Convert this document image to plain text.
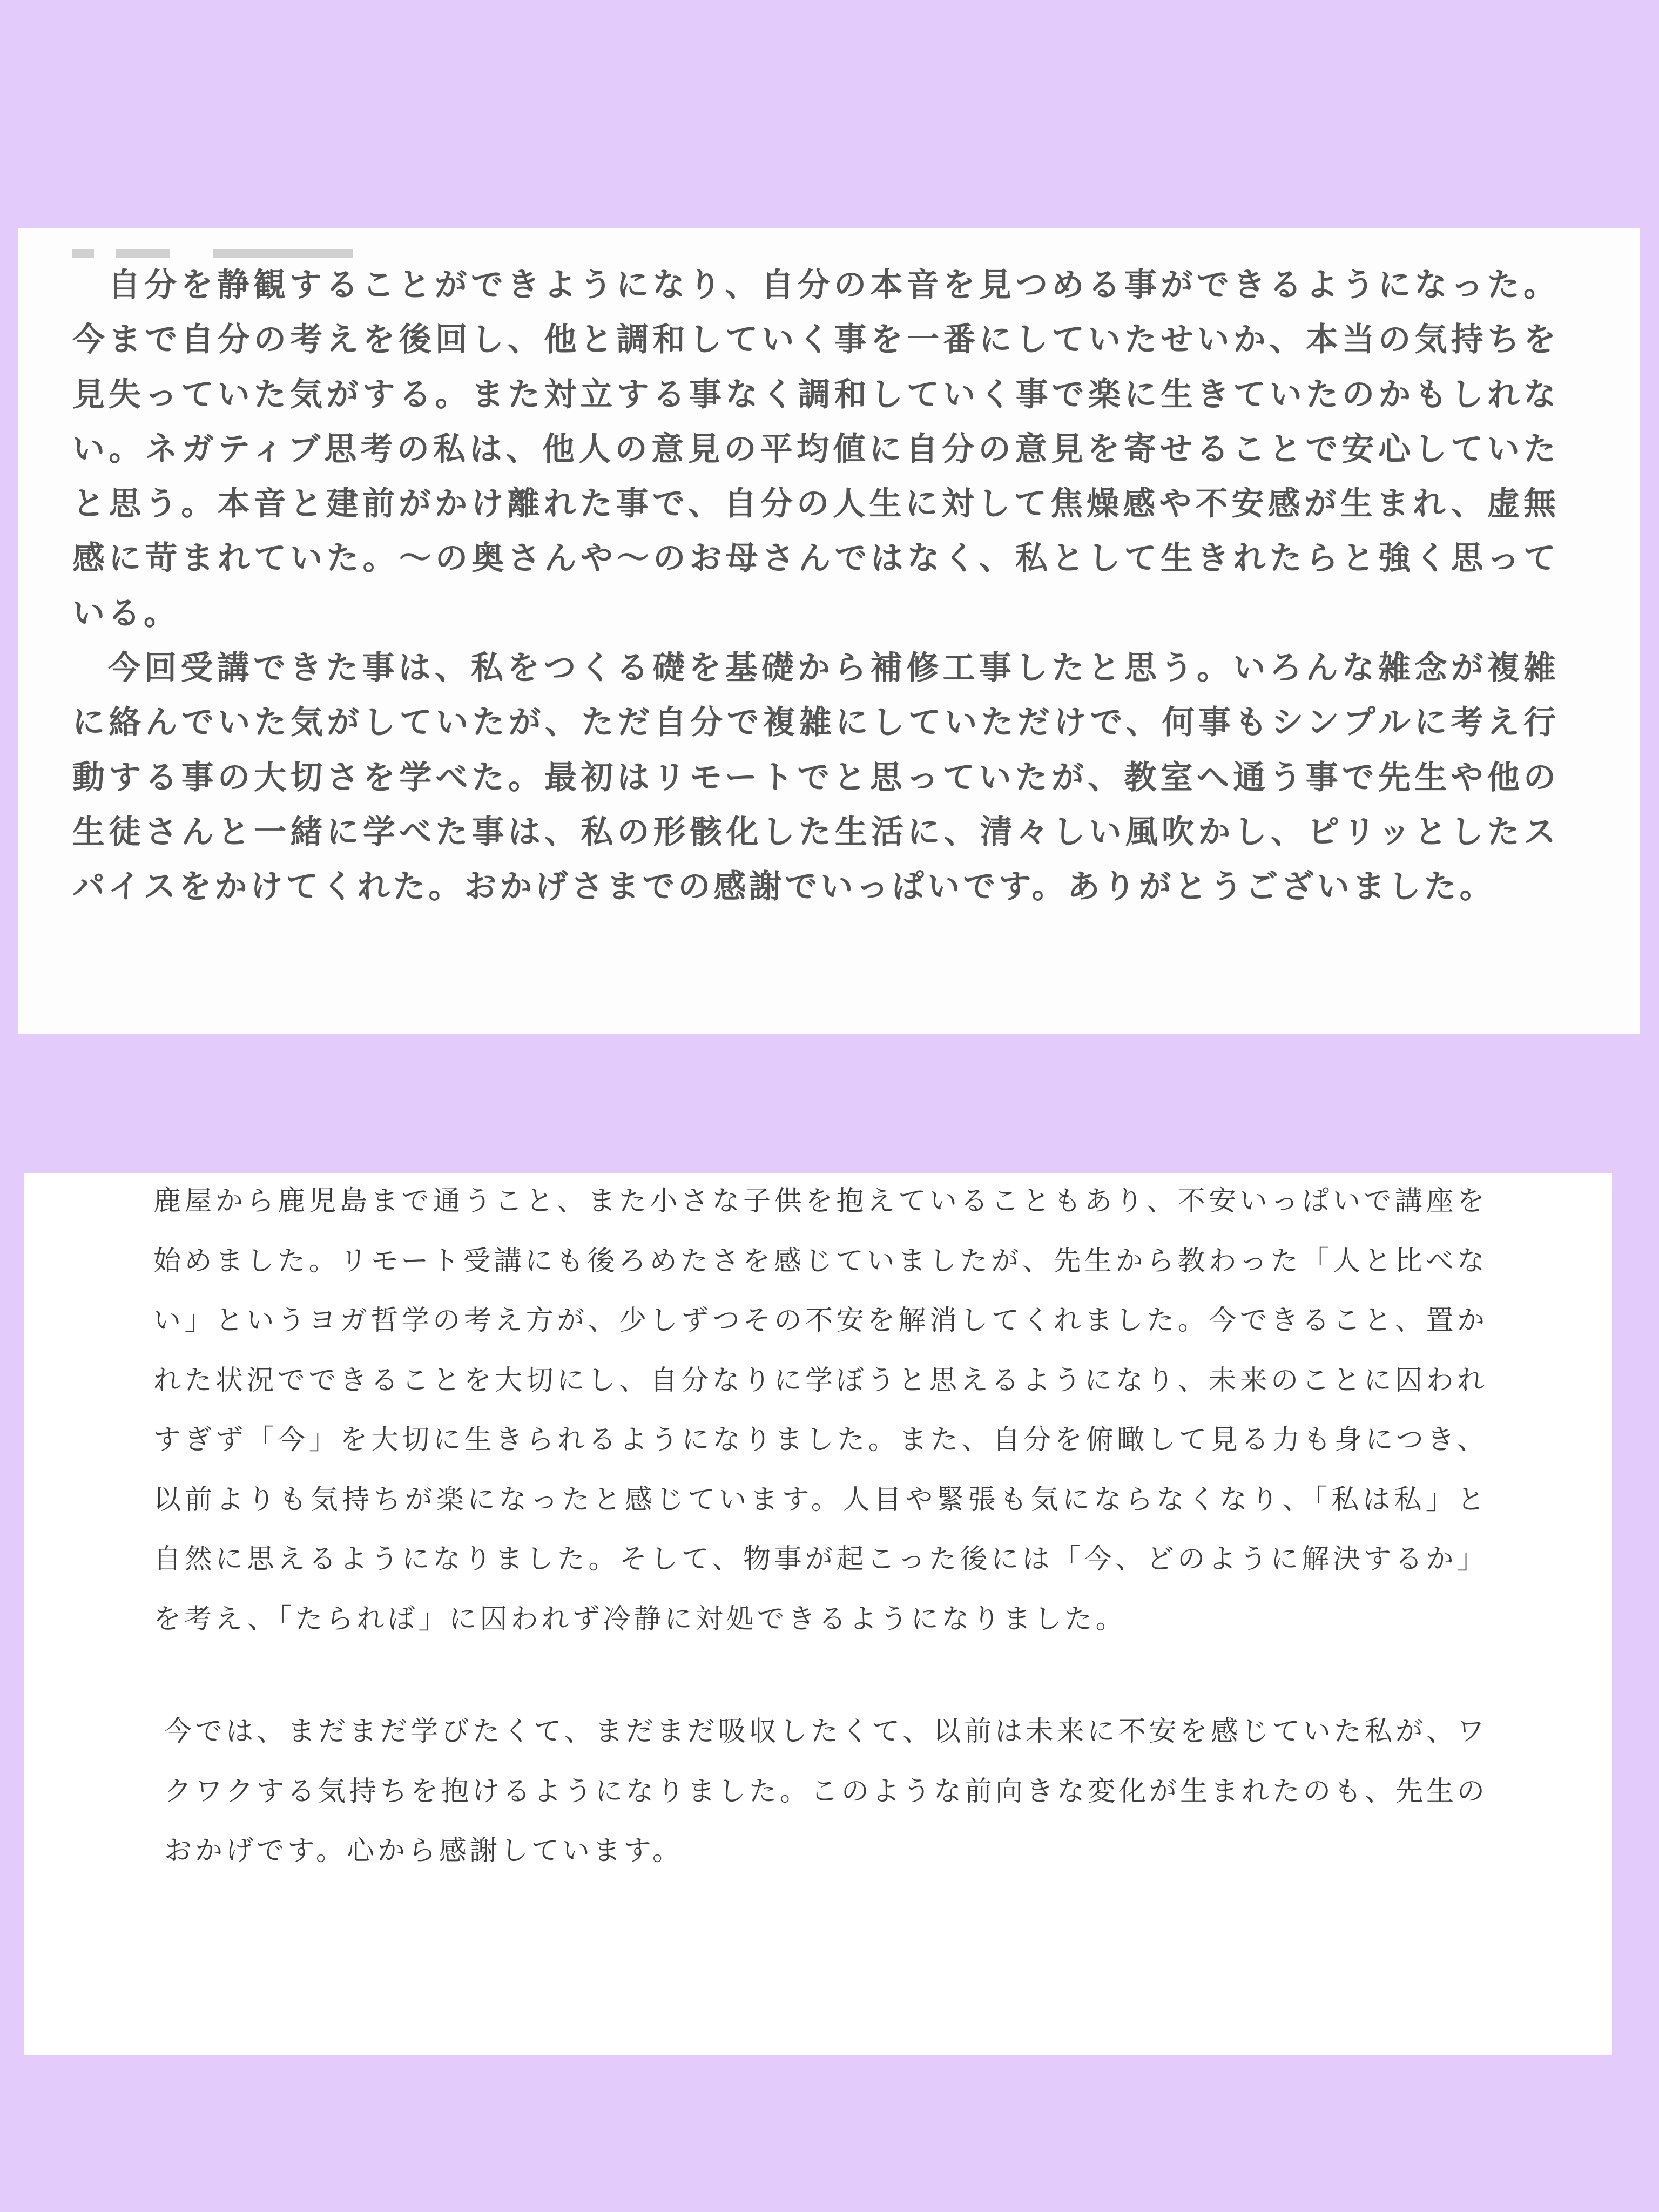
自分を静観することができようになり、自分の本音を見つめる事ができるようになった。今まで自分の考えを後回し、他と調和していく事を一番にしていたせいか、本当の気持ちを見失っていた気がする。また対立する事なく調和していく事で楽に生きていたのかもしれない。ネガティブ思考の私は、他人の意見の平均値に自分の意見を寄せることで安心していたと思う。本音と建前がかけ離れた事で、自分の人生に対して焦燥感や不安感が生まれ、虚無感に苛まれていた。～の奥さんや～のお母さんではなく、私として生きれたらと強く思っている。

今回受講できた事は、私をつくる礎を基礎から補修工事したと思う。いろんな雑念が複雑に絡んでいた気がしていたが、ただ自分で複雑にしていただけで、何事もシンプルに考え行動する事の大切さを学べた。最初はリモートでと思っていたが、教室へ通う事で先生や他の生徒さんと一緒に学べた事は、私の形骸化した生活に、清々しい風吹かし、ピリッとしたスパイスをかけてくれた。おかげさまでの感謝でいっぱいです。ありがとうございました。

鹿屋から鹿児島まで通うこと、また小さな子供を抱えていることもあり、不安いっぱいで講座を始めました。リモート受講にも後ろめたさを感じていましたが、先生から教わった「人と比べない」というヨガ哲学の考え方が、少しずつその不安を解消してくれました。今できること、置かれた状況でできることを大切にし、自分なりに学ぼうと思えるようになり、未来のことに囚われすぎず「今」を大切に生きられるようになりました。また、自分を俯瞰して見る力も身につき、以前よりも気持ちが楽になったと感じています。人目や緊張も気にならなくなり、「私は私」と自然に思えるようになりました。そして、物事が起こった後には「今、どのように解決するか」を考え、「たられば」に囚われず冷静に対処できるようになりました。

今では、まだまだ学びたくて、まだまだ吸収したくて、以前は未来に不安を感じていた私が、ワクワクする気持ちを抱けるようになりました。このような前向きな変化が生まれたのも、先生のおかげです。心から感謝しています。
